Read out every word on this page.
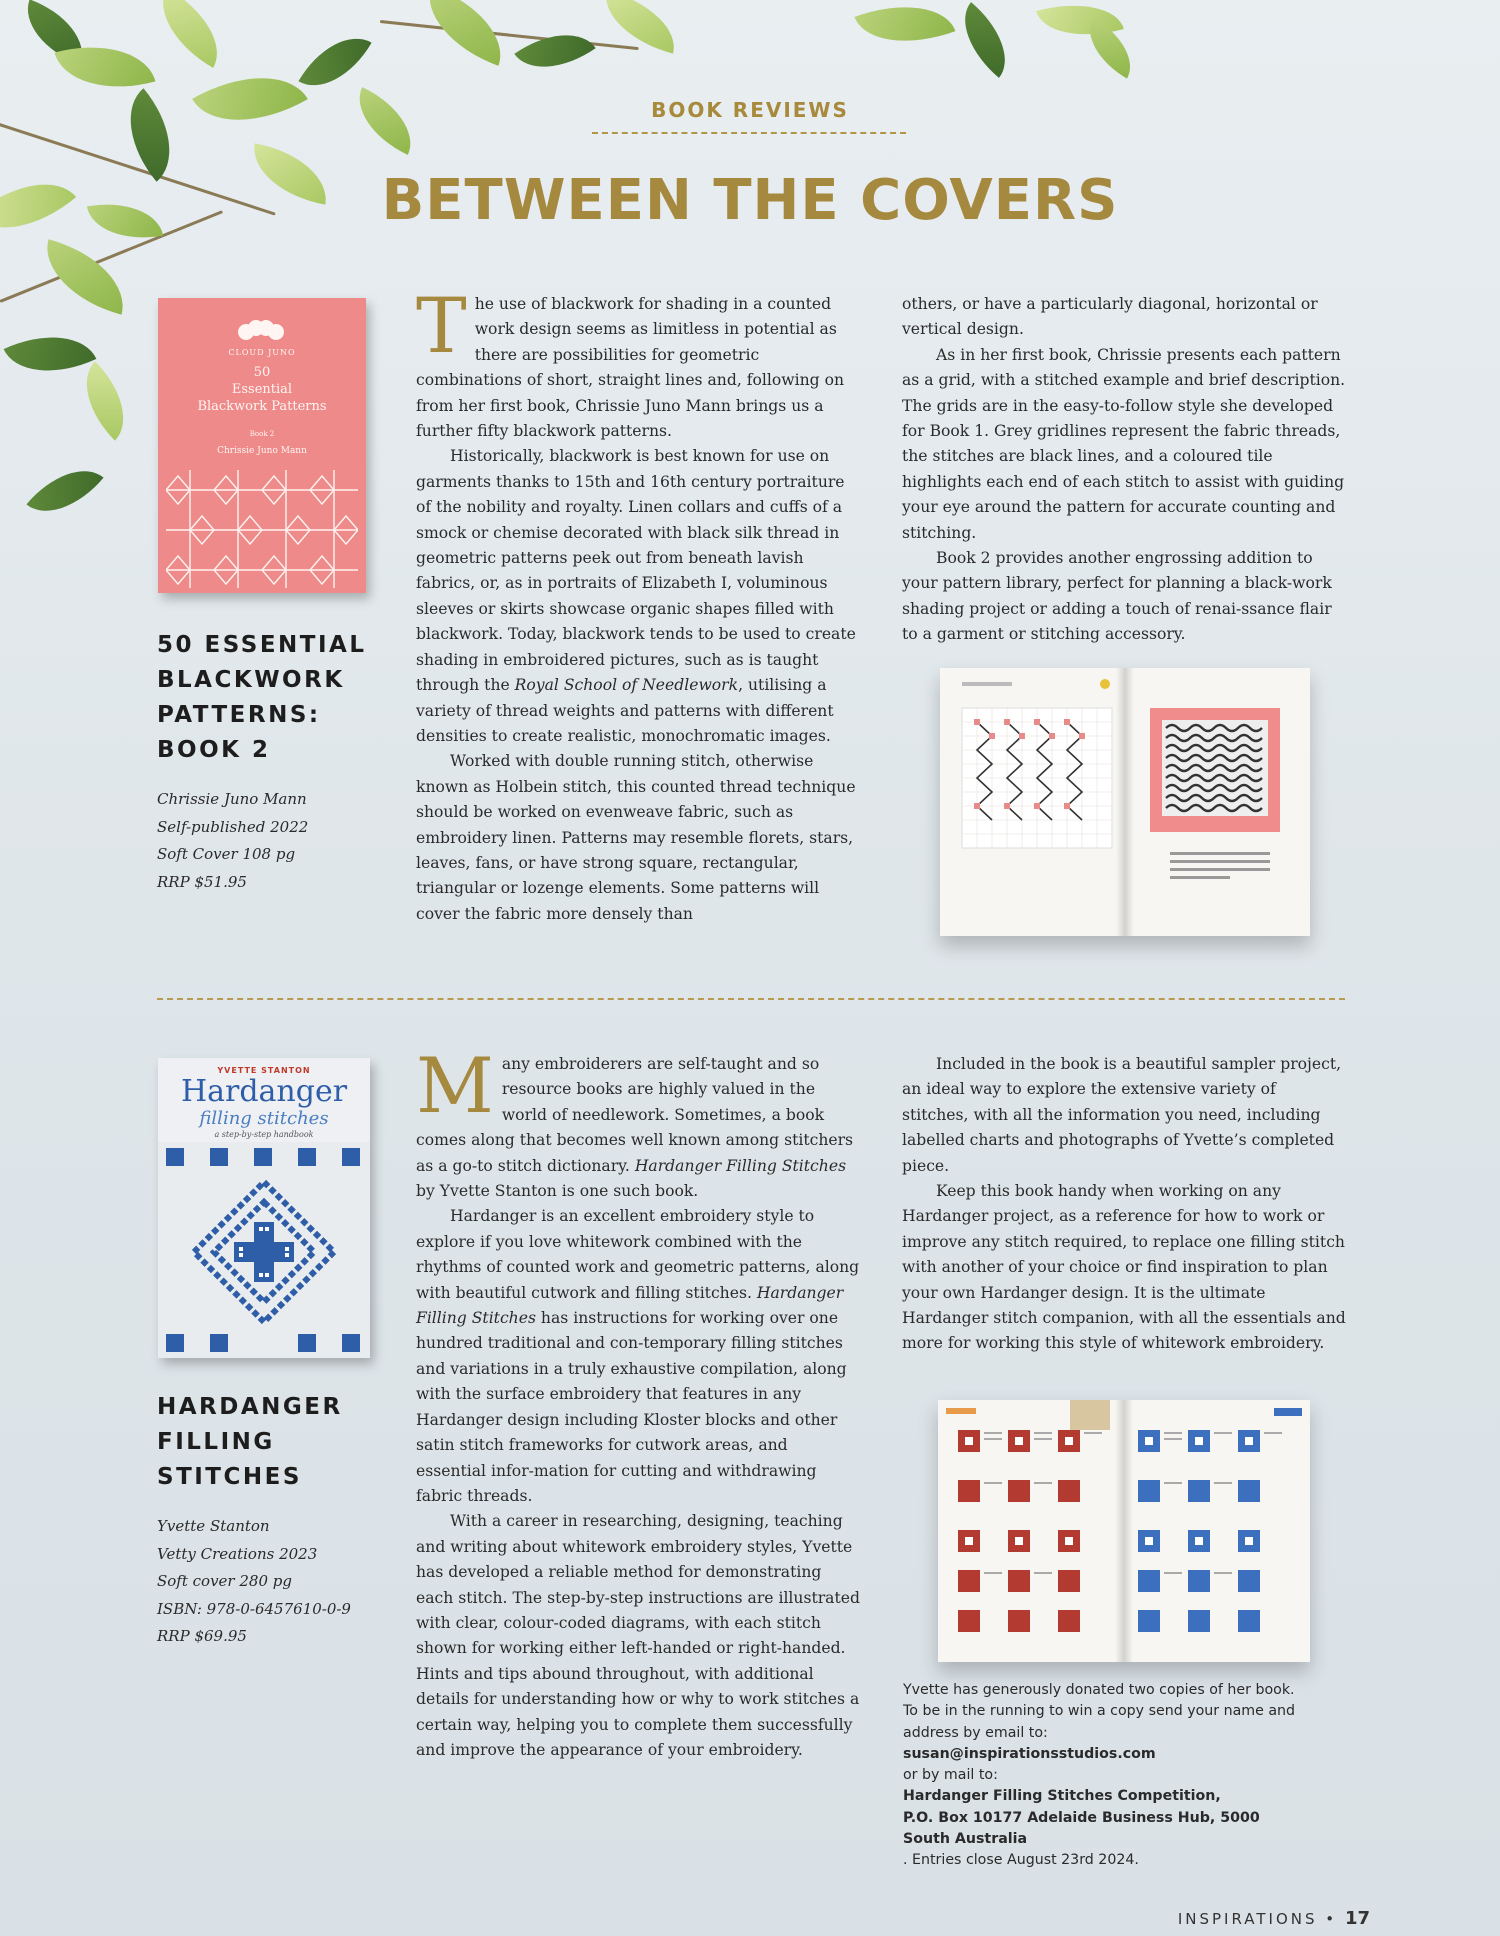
BOOK REVIEWS
BETWEEN THE COVERS
CLOUD JUNO
50
Essential
Blackwork Patterns
Book 2
Chrissie Juno Mann
50 ESSENTIAL
BLACKWORK
PATTERNS:
BOOK 2
Chrissie Juno Mann
Self-published 2022
Soft Cover 108 pg
RRP $51.95

The use of blackwork for shading in a counted work design seems as limitless in potential as there are possibilities for geometric combinations of short, straight lines and, following on from her first book, Chrissie Juno Mann brings us a further fifty blackwork patterns.

Historically, blackwork is best known for use on garments thanks to 15th and 16th century portraiture of the nobility and royalty. Linen collars and cuffs of a smock or chemise decorated with black silk thread in geometric patterns peek out from beneath lavish fabrics, or, as in portraits of Elizabeth I, voluminous sleeves or skirts showcase organic shapes filled with blackwork. Today, blackwork tends to be used to create shading in embroidered pictures, such as is taught through the Royal School of Needlework, utilising a variety of thread weights and patterns with different densities to create realistic, monochromatic images.

Worked with double running stitch, otherwise known as Holbein stitch, this counted thread technique should be worked on evenweave fabric, such as embroidery linen. Patterns may resemble florets, stars, leaves, fans, or have strong square, rectangular, triangular or lozenge elements. Some patterns will cover the fabric more densely than

others, or have a particularly diagonal, horizontal or vertical design.

As in her first book, Chrissie presents each pattern as a grid, with a stitched example and brief description. The grids are in the easy-to-follow style she developed for Book 1. Grey gridlines represent the fabric threads, the stitches are black lines, and a coloured tile highlights each end of each stitch to assist with guiding your eye around the pattern for accurate counting and stitching.

Book 2 provides another engrossing addition to your pattern library, perfect for planning a black-work shading project or adding a touch of renai-ssance flair to a garment or stitching accessory.

YVETTE STANTON
Hardanger
filling stitches
a step-by-step handbook
HARDANGER
FILLING
STITCHES
Yvette Stanton
Vetty Creations 2023
Soft cover 280 pg
ISBN: 978-0-6457610-0-9
RRP $69.95

Many embroiderers are self-taught and so resource books are highly valued in the world of needlework. Sometimes, a book comes along that becomes well known among stitchers as a go-to stitch dictionary. Hardanger Filling Stitches by Yvette Stanton is one such book.

Hardanger is an excellent embroidery style to explore if you love whitework combined with the rhythms of counted work and geometric patterns, along with beautiful cutwork and filling stitches. Hardanger Filling Stitches has instructions for working over one hundred traditional and con-temporary filling stitches and variations in a truly exhaustive compilation, along with the surface embroidery that features in any Hardanger design including Kloster blocks and other satin stitch frameworks for cutwork areas, and essential infor-mation for cutting and withdrawing fabric threads.

With a career in researching, designing, teaching and writing about whitework embroidery styles, Yvette has developed a reliable method for demonstrating each stitch. The step-by-step instructions are illustrated with clear, colour-coded diagrams, with each stitch shown for working either left-handed or right-handed. Hints and tips abound throughout, with additional details for understanding how or why to work stitches a certain way, helping you to complete them successfully and improve the appearance of your embroidery.

Included in the book is a beautiful sampler project, an ideal way to explore the extensive variety of stitches, with all the information you need, including labelled charts and photographs of Yvette’s completed piece.

Keep this book handy when working on any Hardanger project, as a reference for how to work or improve any stitch required, to replace one filling stitch with another of your choice or find inspiration to plan your own Hardanger design. It is the ultimate Hardanger stitch companion, with all the essentials and more for working this style of whitework embroidery.

Yvette has generously donated two copies of her book.
To be in the running to win a copy send your name and
address by email to:
susan@inspirationsstudios.com
or by mail to:
Hardanger Filling Stitches Competition,
P.O. Box 10177 Adelaide Business Hub, 5000
South Australia
. Entries close August 23rd 2024.
INSPIRATIONS • 17
